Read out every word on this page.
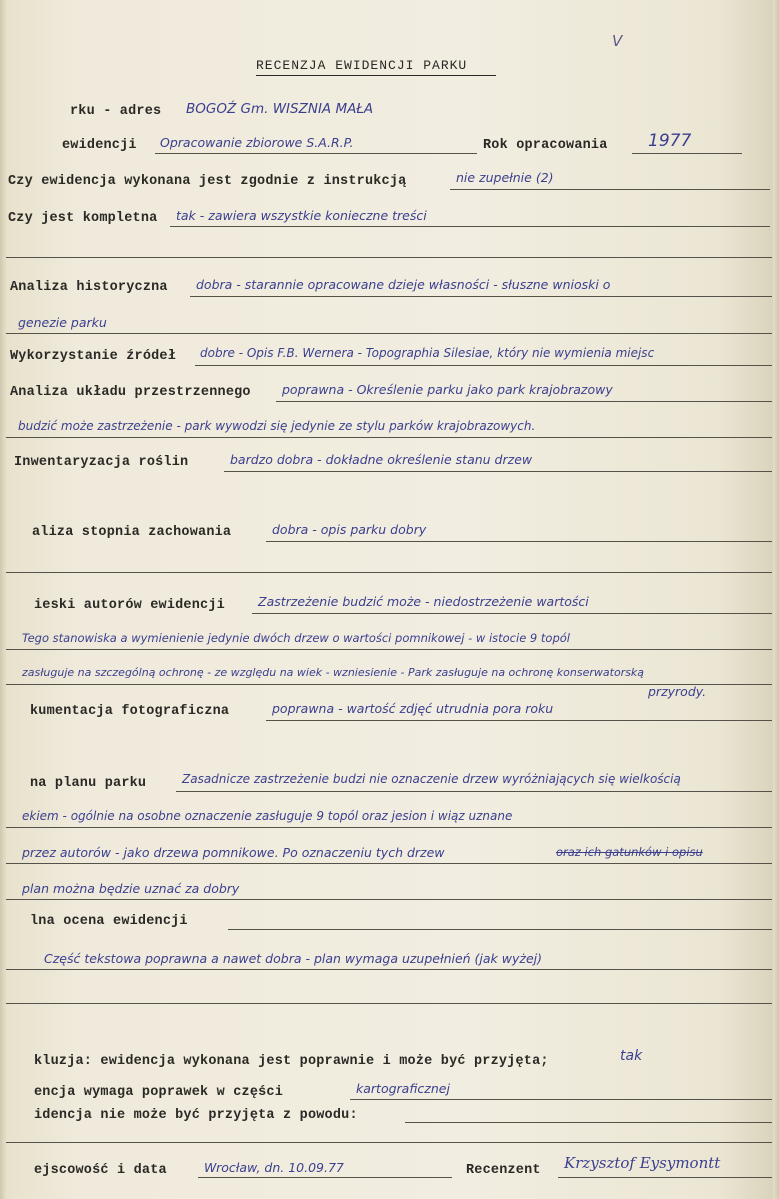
V
RECENZJA EWIDENCJI PARKU
rku - adres BOGOŹ Gm. WISZNIA MAŁA
ewidencji Opracowanie zbiorowe S.A.R.P.	Rok opracowania 1977
Czy ewidencja wykonana jest zgodnie z instrukcją	nie zupełnie (2)
Czy jest kompletna tak - zawiera wszystkie konieczne treści
Analiza historyczna dobra - starannie opracowane dzieje własności - słuszne wnioski o
genezie parku
Wykorzystanie źródeł dobre - Opis F.B. Wernera - Topographia Silesiae, który nie wymienia miejsc
Analiza układu przestrzennego	poprawna - Określenie parku jako park krajobrazowy
budzić może zastrzeżenie - park wywodzi się jedynie ze stylu parków krajobrazowych.
Inwentaryzacja roślin	bardzo dobra - dokładne określenie stanu drzew
aliza stopnia zachowania	dobra - opis parku dobry
ieski autorów ewidencji	Zastrzeżenie budzić może - niedostrzeżenie wartości
Tego stanowiska a wymienienie jedynie dwóch drzew o wartości pomnikowej - w istocie 9 topól
zasługuje na szczególną ochronę - ze względu na wiek - wzniesienie - Park zasługuje na ochronę konserwatorską
przyrody.
kumentacja fotograficzna	poprawna - wartość zdjęć utrudnia pora roku
na planu parku	Zasadnicze zastrzeżenie budzi nie oznaczenie drzew wyróżniających się wielkością
ekiem - ogólnie na osobne oznaczenie zasługuje 9 topól oraz jesion i wiąz uznane
przez autorów - jako drzewa pomnikowe. Po oznaczeniu tych drzew	oraz ich gatunków i opisu
plan można będzie uznać za dobry
lna ocena ewidencji
Część tekstowa poprawna a nawet dobra - plan wymaga uzupełnień (jak wyżej)
kluzja: ewidencja wykonana jest poprawnie i może być przyjęta;	tak
encja wymaga poprawek w części	kartograficznej
idencja nie może być przyjęta z powodu:
ejscowość i data	Wrocław, dn. 10.09.77	Recenzent Krzysztof Eysymontt
